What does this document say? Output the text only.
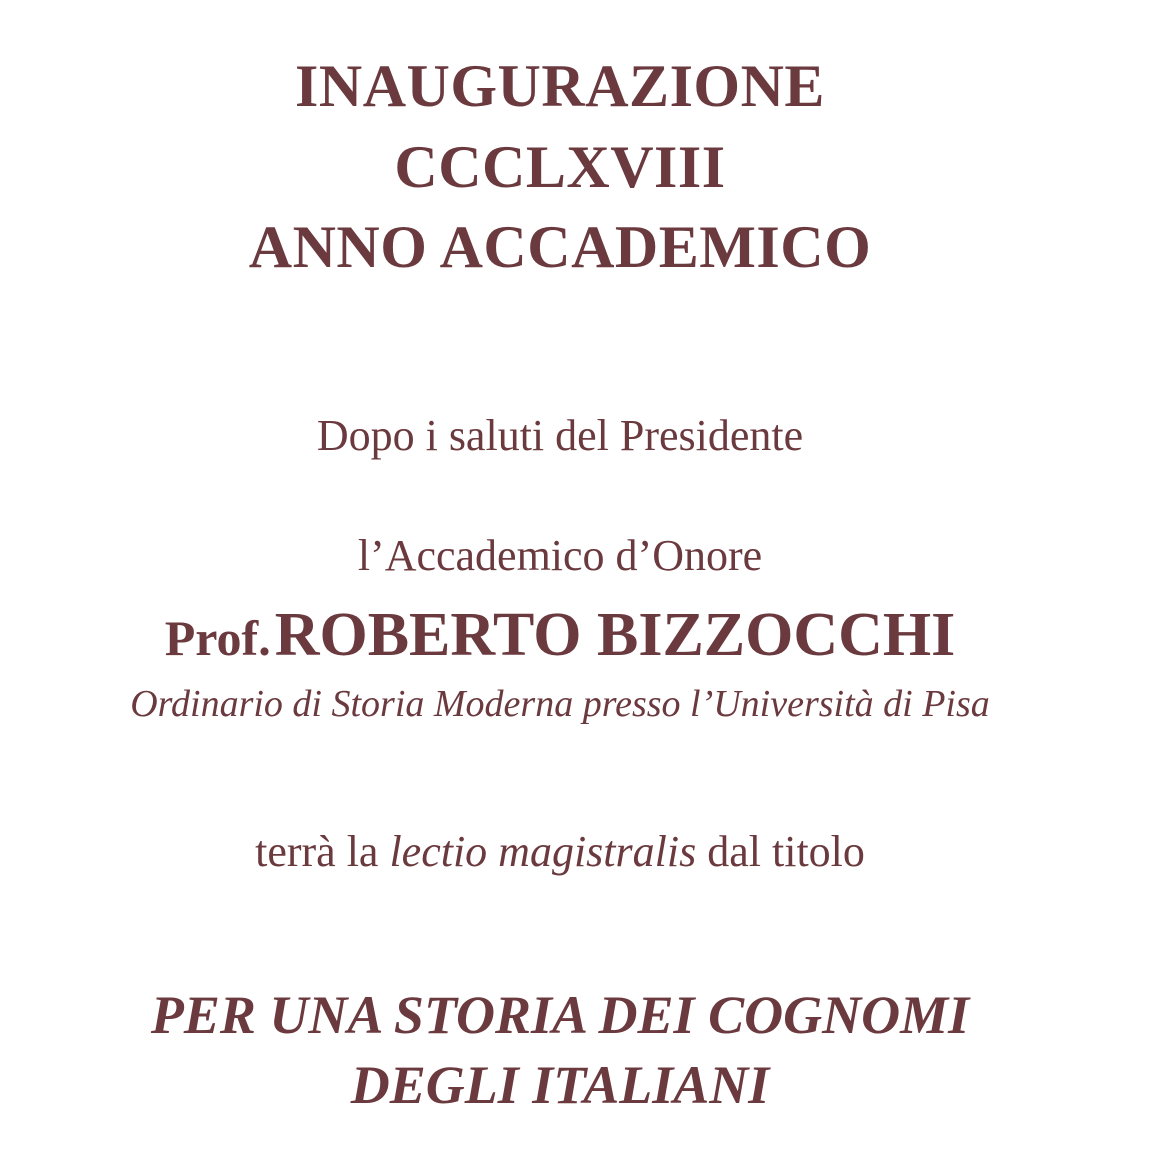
INAUGURAZIONE
CCCLXVIII
ANNO ACCADEMICO
Dopo i saluti del Presidente
l’Accademico d’Onore
Prof. ROBERTO BIZZOCCHI
Ordinario di Storia Moderna presso l’Università di Pisa
terrà la lectio magistralis dal titolo
PER UNA STORIA DEI COGNOMI
DEGLI ITALIANI
